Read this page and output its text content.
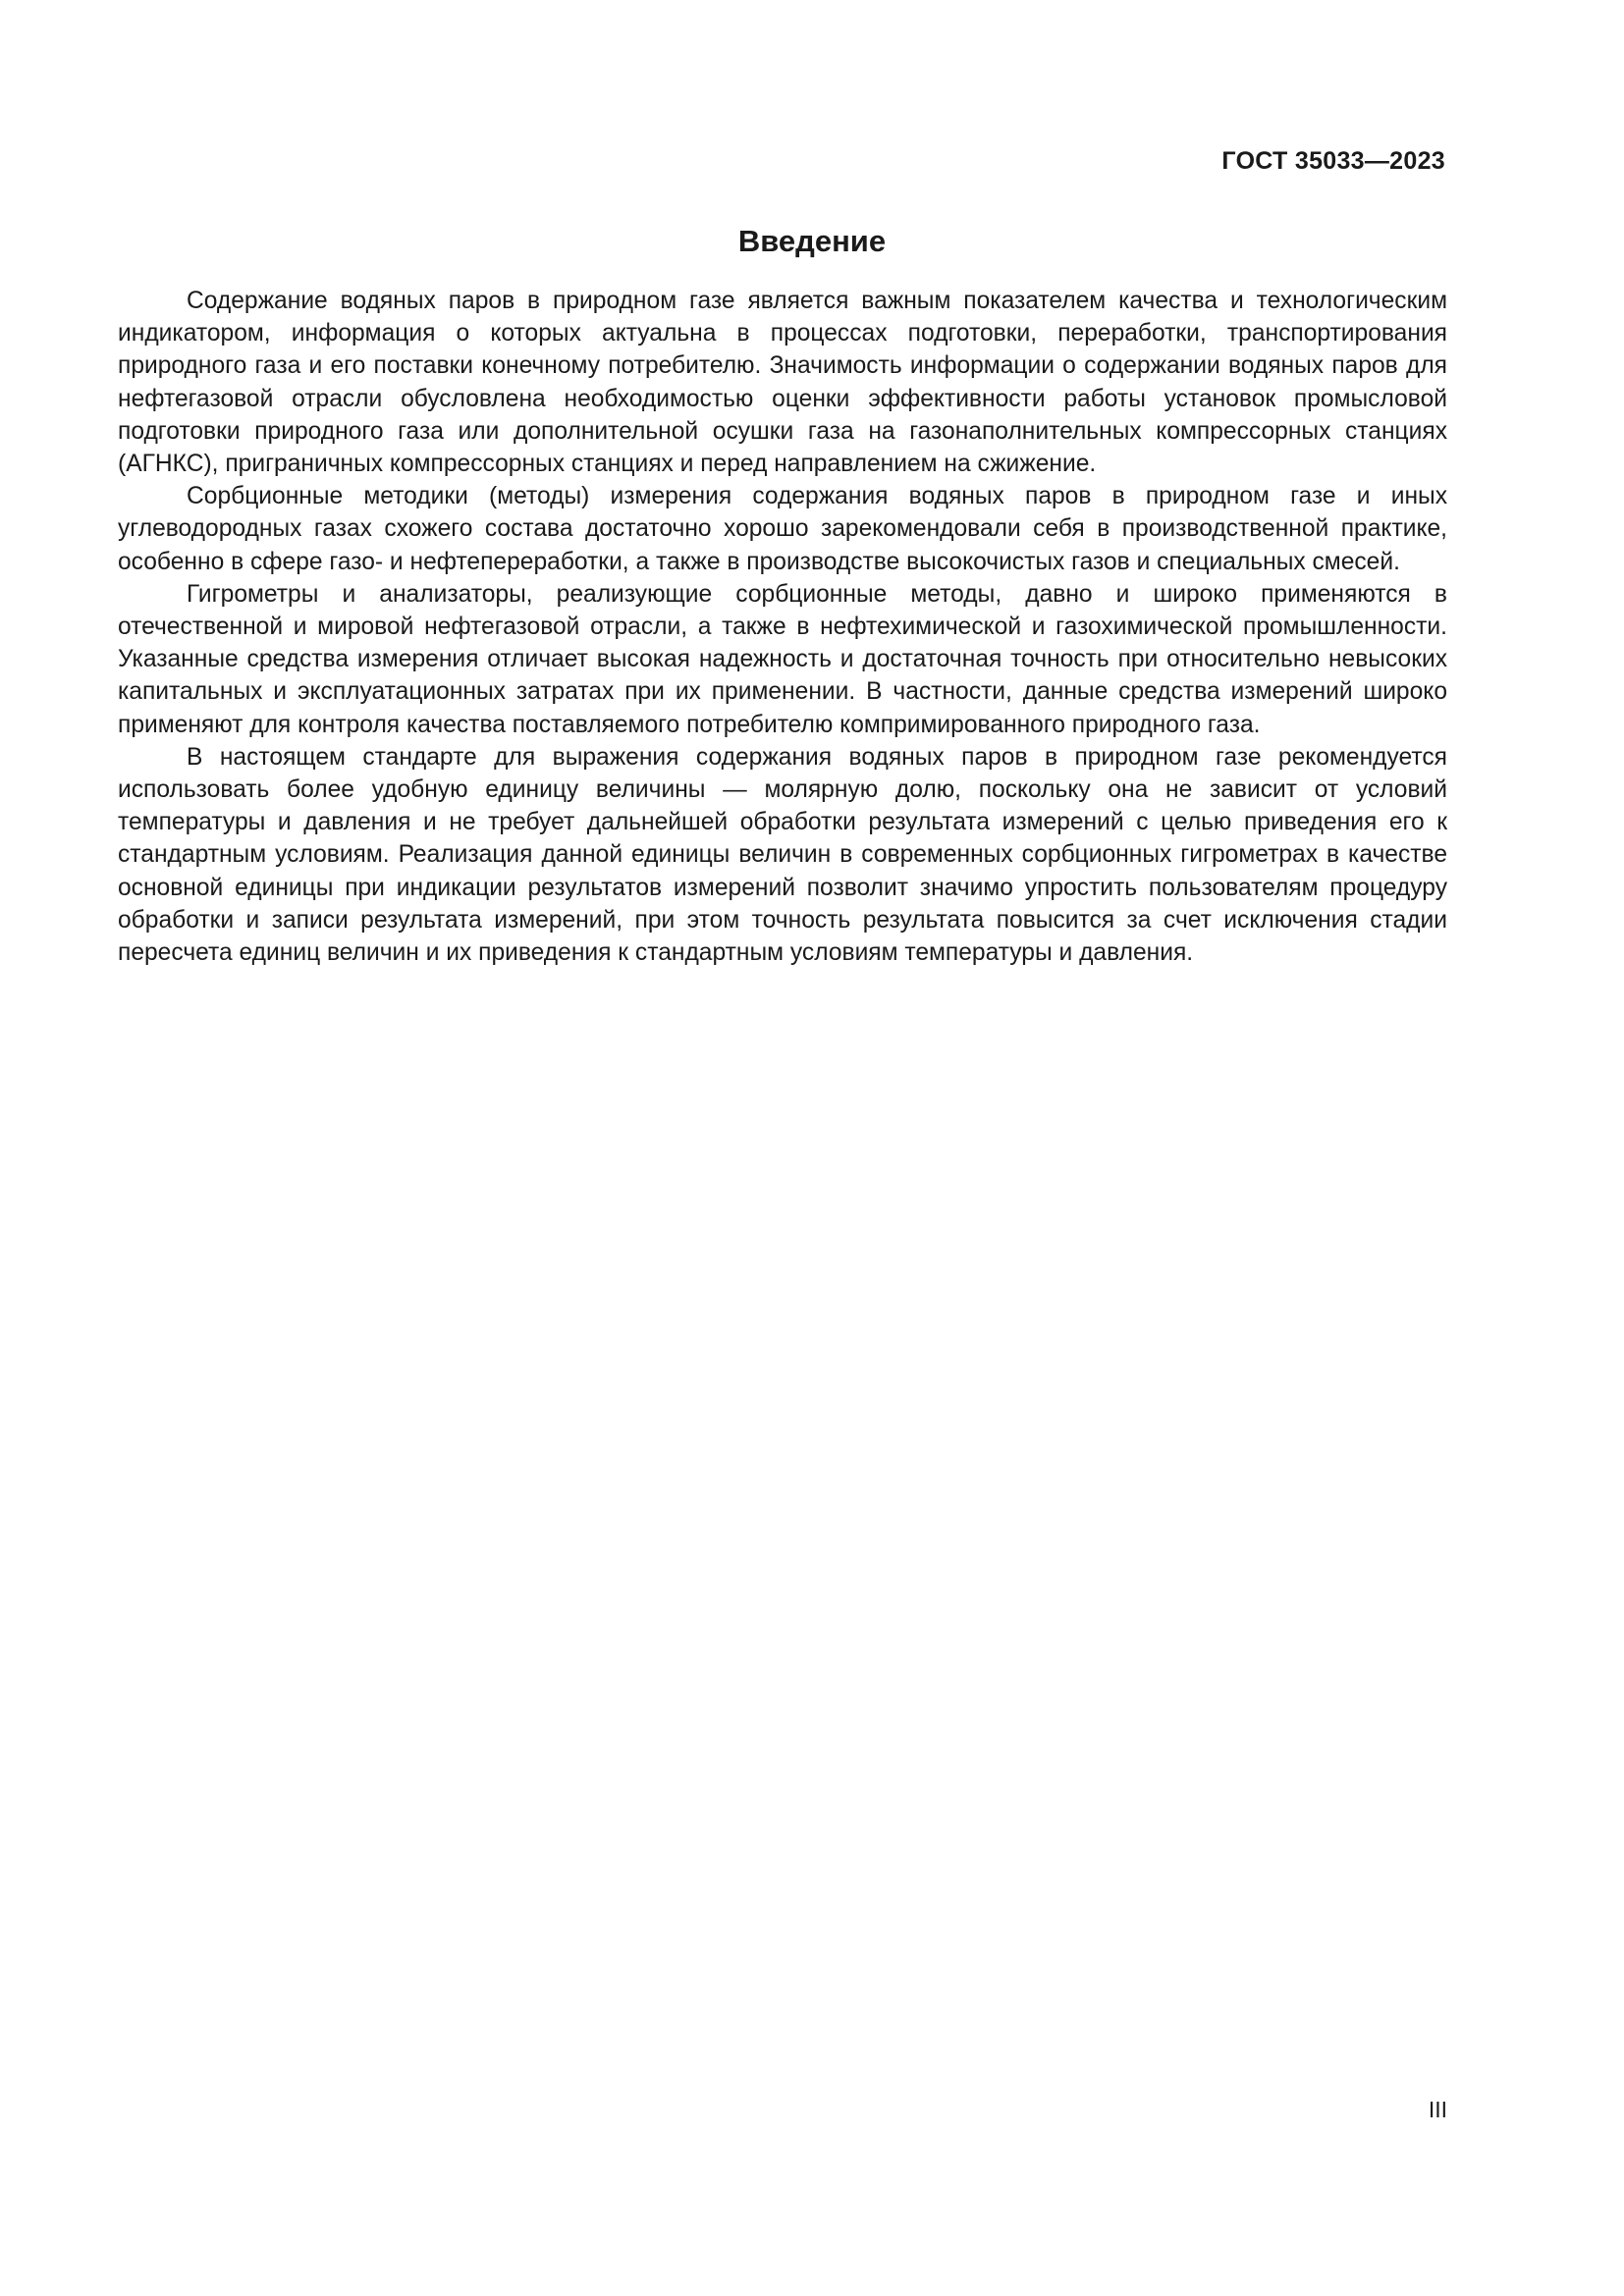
ГОСТ 35033—2023
Введение

Содержание водяных паров в природном газе является важным показателем качества и технологическим индикатором, информация о которых актуальна в процессах подготовки, переработки, транспортирования природного газа и его поставки конечному потребителю. Значимость информации о содержании водяных паров для нефтегазовой отрасли обусловлена необходимостью оценки эффективности работы установок промысловой подготовки природного газа или дополнительной осушки газа на газонаполнительных компрессорных станциях (АГНКС), приграничных компрессорных станциях и перед направлением на сжижение.

Сорбционные методики (методы) измерения содержания водяных паров в природном газе и иных углеводородных газах схожего состава достаточно хорошо зарекомендовали себя в производственной практике, особенно в сфере газо- и нефтепереработки, а также в производстве высокочистых газов и специальных смесей.

Гигрометры и анализаторы, реализующие сорбционные методы, давно и широко применяются в отечественной и мировой нефтегазовой отрасли, а также в нефтехимической и газохимической промышленности. Указанные средства измерения отличает высокая надежность и достаточная точность при относительно невысоких капитальных и эксплуатационных затратах при их применении. В частности, данные средства измерений широко применяют для контроля качества поставляемого потребителю компримированного природного газа.

В настоящем стандарте для выражения содержания водяных паров в природном газе рекомендуется использовать более удобную единицу величины — молярную долю, поскольку она не зависит от условий температуры и давления и не требует дальнейшей обработки результата измерений с целью приведения его к стандартным условиям. Реализация данной единицы величин в современных сорбционных гигрометрах в качестве основной единицы при индикации результатов измерений позволит значимо упростить пользователям процедуру обработки и записи результата измерений, при этом точность результата повысится за счет исключения стадии пересчета единиц величин и их приведения к стандартным условиям температуры и давления.

III
